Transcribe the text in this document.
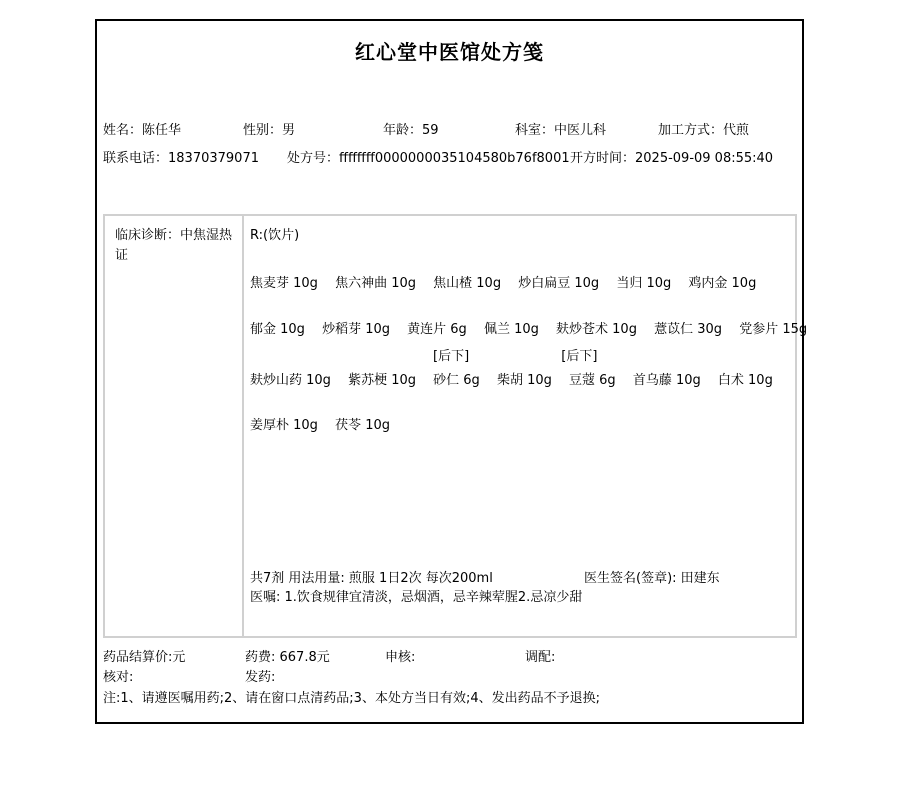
红心堂中医馆处方笺
姓名：陈任华	性别：男	年龄：59	科室：中医儿科	加工方式：代煎
联系电话：18370379071 处方号：ffffffff0000000035104580b76f8001 开方时间：2025-09-09 08:55:40
临床诊断：中焦湿热证
R:(饮片)
焦麦芽 10g 焦六神曲 10g 焦山楂 10g 炒白扁豆 10g 当归 10g 鸡内金 10g
郁金 10g 炒稻芽 10g 黄连片 6g 佩兰 10g 麸炒苍术 10g 薏苡仁 30g 党参片 15g
[后下]	[后下]
麸炒山药 10g 紫苏梗 10g 砂仁 6g 柴胡 10g 豆蔻 6g 首乌藤 10g 白术 10g
姜厚朴 10g 茯苓 10g
共7剂 用法用量: 煎服 1日2次 每次200ml	医生签名(签章): 田建东
医嘱: 1.饮食规律宜清淡，忌烟酒，忌辛辣荤腥2.忌凉少甜
药品结算价:元	药费: 667.8元	申核:	调配:
核对:	发药:
注:1、请遵医嘱用药;2、请在窗口点清药品;3、本处方当日有效;4、发出药品不予退换;
